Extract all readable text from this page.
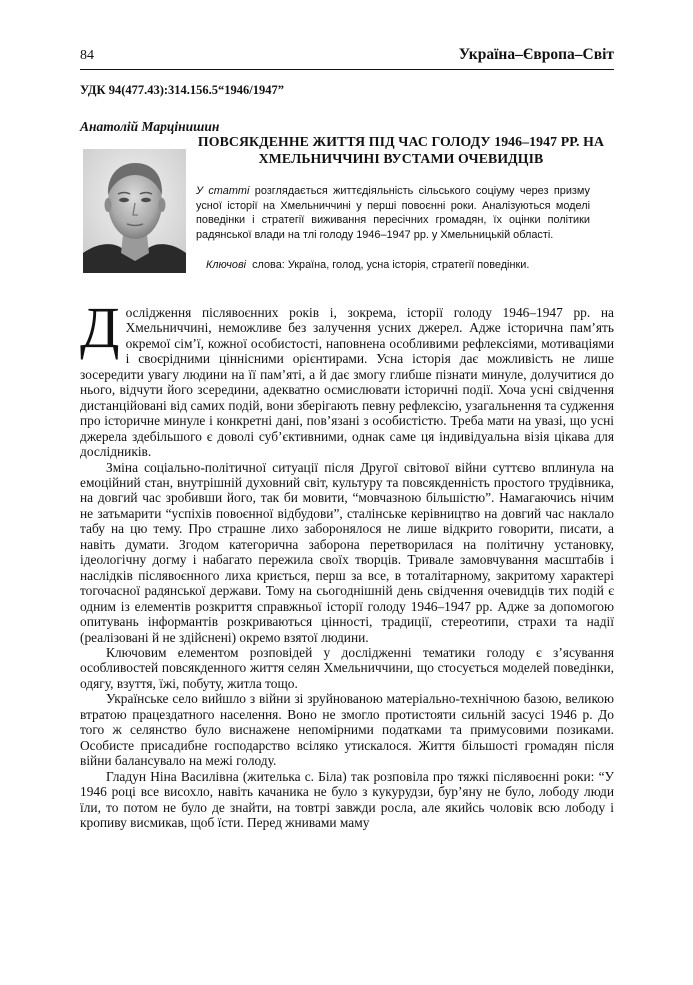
84	Україна–Європа–Світ
УДК 94(477.43):314.156.5“1946/1947”
Анатолій Марцінишин
ПОВСЯКДЕННЕ ЖИТТЯ ПІД ЧАС ГОЛОДУ 1946–1947 РР. НА ХМЕЛЬНИЧЧИНІ ВУСТАМИ ОЧЕВИДЦІВ

У статті розглядається життєдіяльність сільського соціуму через призму усної історії на Хмельниччині у перші повоєнні роки. Аналізуються моделі поведінки і стратегії виживання пересічних громадян, їх оцінки політики радянської влади на тлі голоду 1946–1947 рр. у Хмельницькій області.

Ключові слова: Україна, голод, усна історія, стратегії поведінки.

Дослідження післявоєнних років і, зокрема, історії голоду 1946–1947 рр. на Хмельниччині, неможливе без залучення усних джерел. Адже історична пам’ять окремої сім’ї, кожної особистості, наповнена особливими рефлексіями, мотиваціями і своєрідними ціннісними орієнтирами. Усна історія дає можливість не лише зосередити увагу людини на її пам’яті, а й дає змогу глибше пізнати минуле, долучитися до нього, відчути його зсередини, адекватно осмислювати історичні події. Хоча усні свідчення дистанційовані від самих подій, вони зберігають певну рефлексію, узагальнення та судження про історичне минуле і конкретні дані, пов’язані з особистістю. Треба мати на увазі, що усні джерела здебільшого є доволі суб’єктивними, однак саме ця індивідуальна візія цікава для дослідників.

Зміна соціально-політичної ситуації після Другої світової війни суттєво вплинула на емоційний стан, внутрішній духовний світ, культуру та повсякденність простого трудівника, на довгий час зробивши його, так би мовити, “мовчазною більшістю”. Намагаючись нічим не затьмарити “успіхів повоєнної відбудови”, сталінське керівництво на довгий час наклало табу на цю тему. Про страшне лихо заборонялося не лише відкрито говорити, писати, а навіть думати. Згодом категорична заборона перетворилася на політичну установку, ідеологічну догму і набагато пережила своїх творців. Тривале замовчування масштабів і наслідків післявоєнного лиха криється, перш за все, в тоталітарному, закритому характері тогочасної радянської держави. Тому на сьогоднішній день свідчення очевидців тих подій є одним із елементів розкриття справжньої історії голоду 1946–1947 рр. Адже за допомогою опитувань інформантів розкриваються цінності, традиції, стереотипи, страхи та надії (реалізовані й не здійснені) окремо взятої людини.

Ключовим елементом розповідей у дослідженні тематики голоду є з’ясування особливостей повсякденного життя селян Хмельниччини, що стосується моделей поведінки, одягу, взуття, їжі, побуту, житла тощо.

Українське село вийшло з війни зі зруйнованою матеріально-технічною базою, великою втратою працездатного населення. Воно не змогло протистояти сильній засусі 1946 р. До того ж селянство було виснажене непомірними податками та примусовими позиками. Особисте присадибне господарство всіляко утискалося. Життя більшості громадян після війни балансувало на межі голоду.

Гладун Ніна Василівна (жителька с. Біла) так розповіла про тяжкі післявоєнні роки: “У 1946 році все висохло, навіть качаника не було з кукурудзи, бур’яну не було, лободу люди їли, то потом не було де знайти, на товтрі завжди росла, але якийсь чоловік всю лободу і кропиву висмикав, щоб їсти. Перед жнивами маму
